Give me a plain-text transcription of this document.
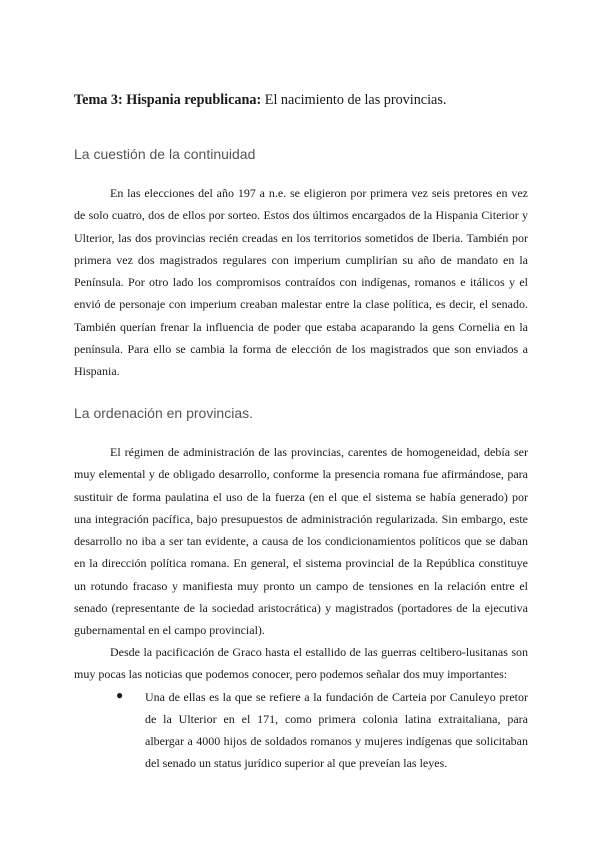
Tema 3: Hispania republicana: El nacimiento de las provincias.
La cuestión de la continuidad
En las elecciones del año 197 a n.e. se eligieron por primera vez seis pretores en vez
de solo cuatro, dos de ellos por sorteo. Estos dos últimos encargados de la Hispania Citerior y
Ulterior, las dos provincias recién creadas en los territorios sometidos de Iberia. También por
primera vez dos magistrados regulares con imperium cumplirían su año de mandato en la
Península. Por otro lado los compromisos contraídos con indígenas, romanos e itálicos y el
envió de personaje con imperium creaban malestar entre la clase política, es decir, el senado.
También querían frenar la influencia de poder que estaba acaparando la gens Cornelia en la
península. Para ello se cambia la forma de elección de los magistrados que son enviados a
Hispania.
La ordenación en provincias.
El régimen de administración de las provincias, carentes de homogeneidad, debía ser
muy elemental y de obligado desarrollo, conforme la presencia romana fue afirmándose, para
sustituir de forma paulatina el uso de la fuerza (en el que el sistema se había generado) por
una integración pacífica, bajo presupuestos de administración regularizada. Sin embargo, este
desarrollo no iba a ser tan evidente, a causa de los condicionamientos políticos que se daban
en la dirección política romana. En general, el sistema provincial de la República constituye
un rotundo fracaso y manifiesta muy pronto un campo de tensiones en la relación entre el
senado (representante de la sociedad aristocrática) y magistrados (portadores de la ejecutiva
gubernamental en el campo provincial).
Desde la pacificación de Graco hasta el estallido de las guerras celtibero-lusitanas son
muy pocas las noticias que podemos conocer, pero podemos señalar dos muy importantes:
● Una de ellas es la que se refiere a la fundación de Carteia por Canuleyo pretor
de la Ulterior en el 171, como primera colonia latina extraitaliana, para
albergar a 4000 hijos de soldados romanos y mujeres indígenas que solicitaban
del senado un status jurídico superior al que preveían las leyes.
